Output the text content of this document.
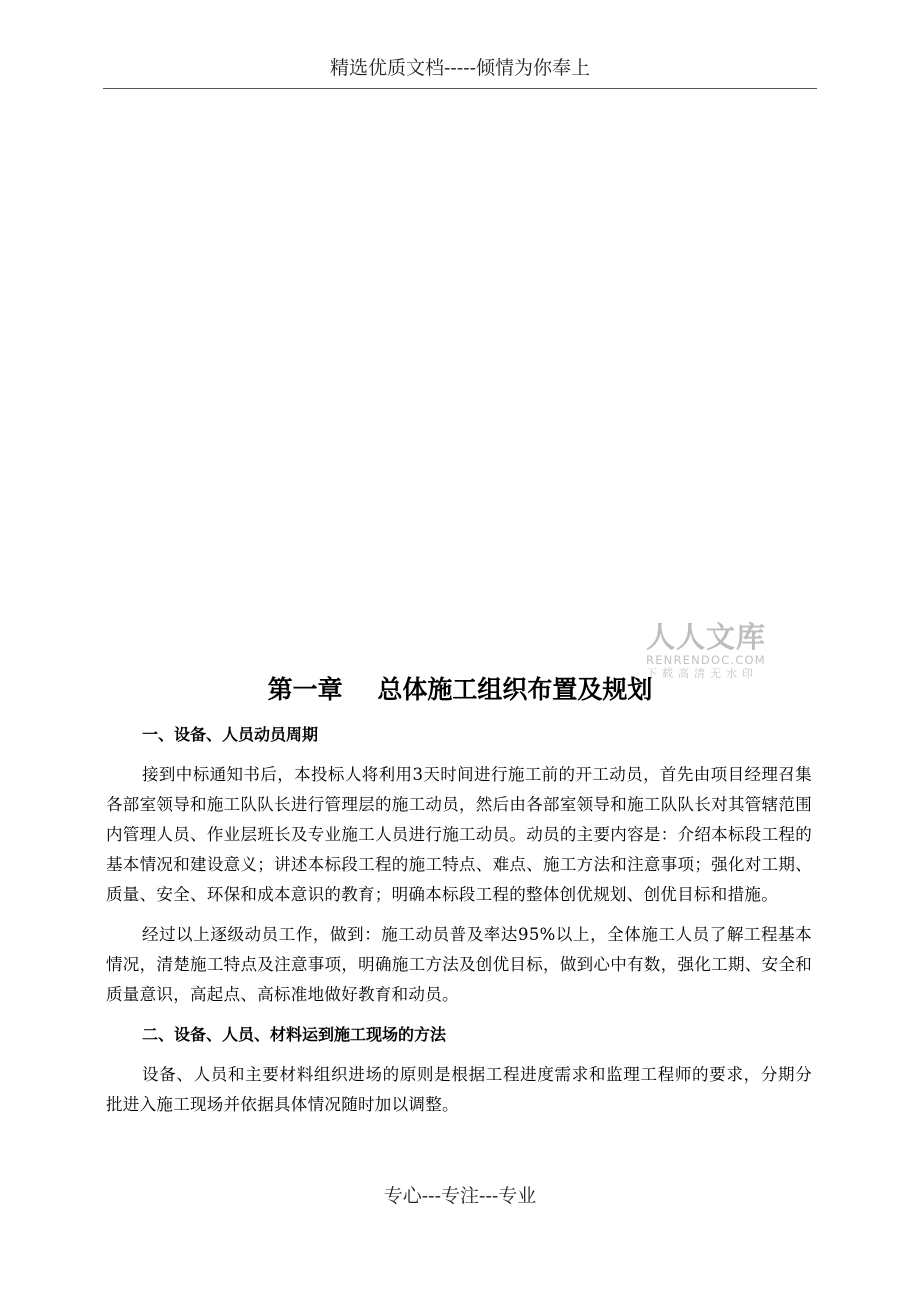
精选优质文档-----倾情为你奉上
人人文库
RENRENDOC.COM
下载高清无水印
第一章    总体施工组织布置及规划
一、设备、人员动员周期

接到中标通知书后，本投标人将利用3天时间进行施工前的开工动员，首先由项目经理召集各部室领导和施工队队长进行管理层的施工动员，然后由各部室领导和施工队队长对其管辖范围内管理人员、作业层班长及专业施工人员进行施工动员。动员的主要内容是：介绍本标段工程的基本情况和建设意义；讲述本标段工程的施工特点、难点、施工方法和注意事项；强化对工期、质量、安全、环保和成本意识的教育；明确本标段工程的整体创优规划、创优目标和措施。

经过以上逐级动员工作，做到：施工动员普及率达95%以上，全体施工人员了解工程基本情况，清楚施工特点及注意事项，明确施工方法及创优目标，做到心中有数，强化工期、安全和质量意识，高起点、高标准地做好教育和动员。

二、设备、人员、材料运到施工现场的方法

设备、人员和主要材料组织进场的原则是根据工程进度需求和监理工程师的要求，分期分批进入施工现场并依据具体情况随时加以调整。

专心---专注---专业
